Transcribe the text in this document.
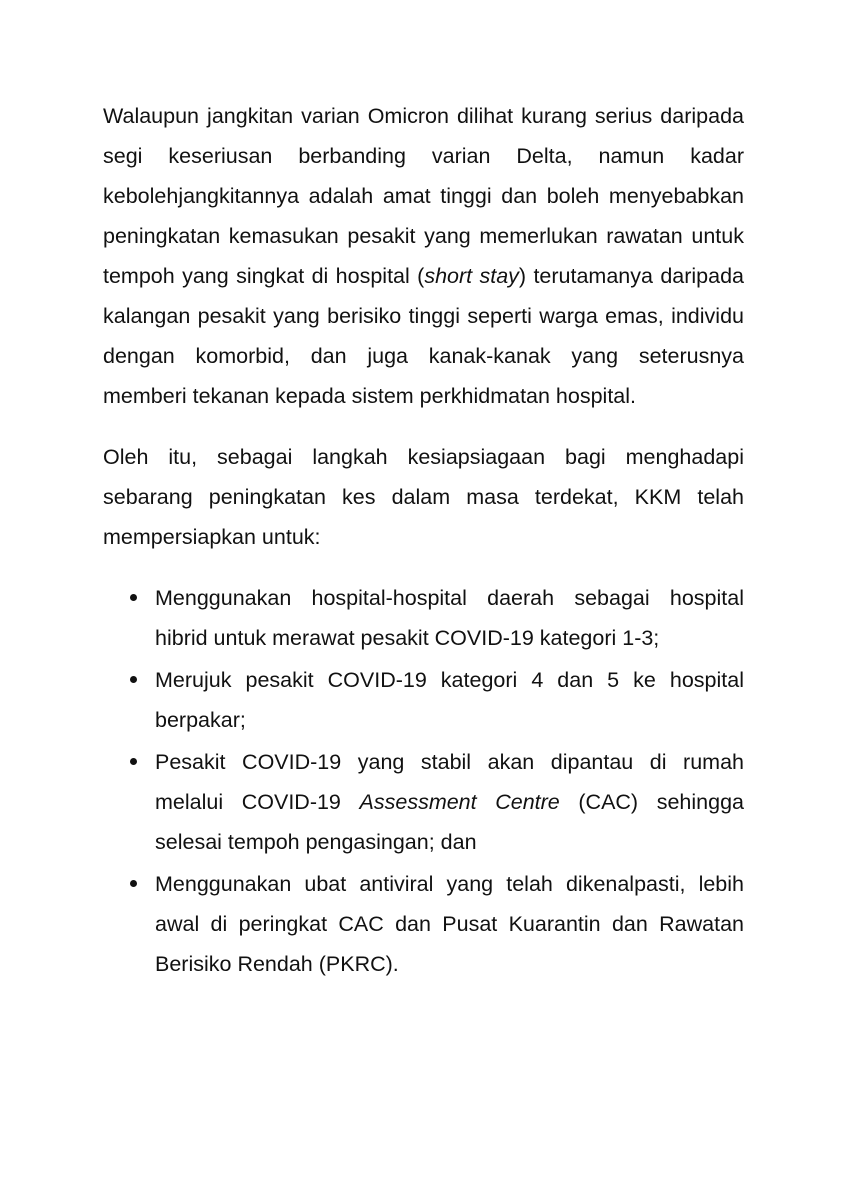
Walaupun jangkitan varian Omicron dilihat kurang serius daripada segi keseriusan berbanding varian Delta, namun kadar kebolehjangkitannya adalah amat tinggi dan boleh menyebabkan peningkatan kemasukan pesakit yang memerlukan rawatan untuk tempoh yang singkat di hospital (short stay) terutamanya daripada kalangan pesakit yang berisiko tinggi seperti warga emas, individu dengan komorbid, dan juga kanak-kanak yang seterusnya memberi tekanan kepada sistem perkhidmatan hospital.

Oleh itu, sebagai langkah kesiapsiagaan bagi menghadapi sebarang peningkatan kes dalam masa terdekat, KKM telah mempersiapkan untuk:

Menggunakan hospital-hospital daerah sebagai hospital hibrid untuk merawat pesakit COVID-19 kategori 1-3;
Merujuk pesakit COVID-19 kategori 4 dan 5 ke hospital berpakar;
Pesakit COVID-19 yang stabil akan dipantau di rumah melalui COVID-19 Assessment Centre (CAC) sehingga selesai tempoh pengasingan; dan
Menggunakan ubat antiviral yang telah dikenalpasti, lebih awal di peringkat CAC dan Pusat Kuarantin dan Rawatan Berisiko Rendah (PKRC).
